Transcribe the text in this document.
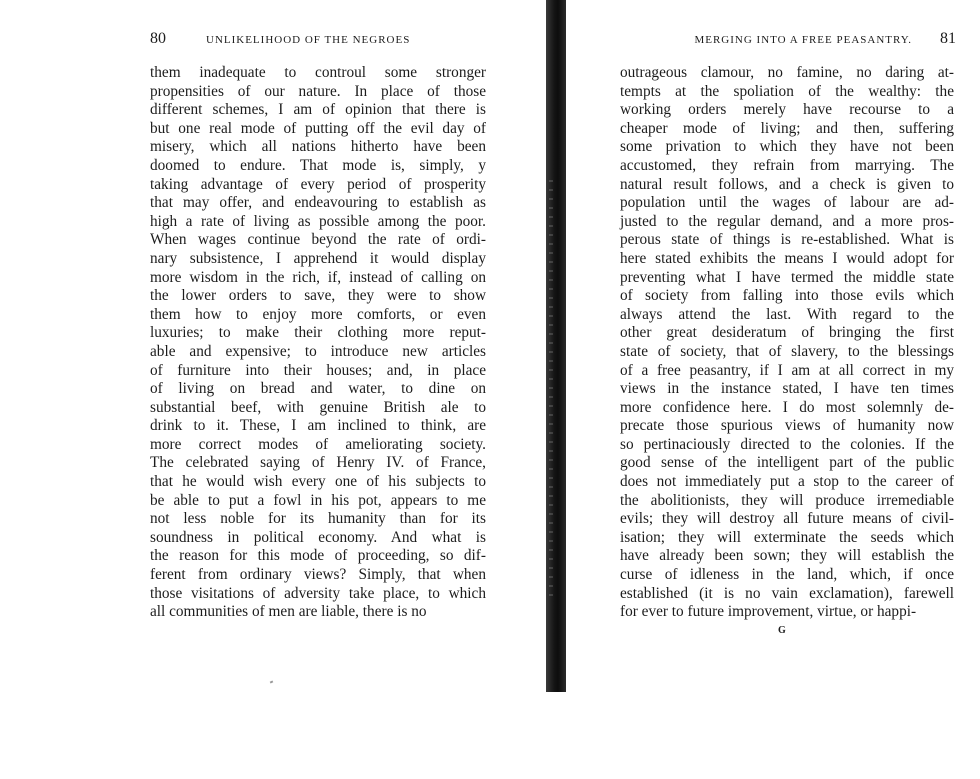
80	UNLIKELIHOOD OF THE NEGROES
them inadequate to controul some stronger
propensities of our nature. In place of those
different schemes, I am of opinion that there is
but one real mode of putting off the evil day of
misery, which all nations hitherto have been
doomed to endure. That mode is, simply, y
taking advantage of every period of prosperity
that may offer, and endeavouring to establish as
high a rate of living as possible among the poor.
When wages continue beyond the rate of ordi-
nary subsistence, I apprehend it would display
more wisdom in the rich, if, instead of calling on
the lower orders to save, they were to show
them how to enjoy more comforts, or even
luxuries; to make their clothing more reput-
able and expensive; to introduce new articles
of furniture into their houses; and, in place
of living on bread and water, to dine on
substantial beef, with genuine British ale to
drink to it. These, I am inclined to think, are
more correct modes of ameliorating society.
The celebrated saying of Henry IV. of France,
that he would wish every one of his subjects to
be able to put a fowl in his pot, appears to me
not less noble for its humanity than for its
soundness in political economy. And what is
the reason for this mode of proceeding, so dif-
ferent from ordinary views? Simply, that when
those visitations of adversity take place, to which
all communities of men are liable, there is no
MERGING INTO A FREE PEASANTRY. 81
outrageous clamour, no famine, no daring at-
tempts at the spoliation of the wealthy: the
working orders merely have recourse to a
cheaper mode of living; and then, suffering
some privation to which they have not been
accustomed, they refrain from marrying. The
natural result follows, and a check is given to
population until the wages of labour are ad-
justed to the regular demand, and a more pros-
perous state of things is re-established. What is
here stated exhibits the means I would adopt for
preventing what I have termed the middle state
of society from falling into those evils which
always attend the last. With regard to the
other great desideratum of bringing the first
state of society, that of slavery, to the blessings
of a free peasantry, if I am at all correct in my
views in the instance stated, I have ten times
more confidence here. I do most solemnly de-
precate those spurious views of humanity now
so pertinaciously directed to the colonies. If the
good sense of the intelligent part of the public
does not immediately put a stop to the career of
the abolitionists, they will produce irremediable
evils; they will destroy all future means of civil-
isation; they will exterminate the seeds which
have already been sown; they will establish the
curse of idleness in the land, which, if once
established (it is no vain exclamation), farewell
for ever to future improvement, virtue, or happi-
G
